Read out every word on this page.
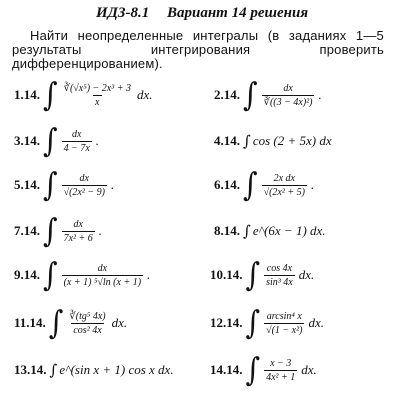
ИДЗ-8.1 Вариант 14 решения
Найти неопределенные интегралы (в заданиях 1—5 результаты интегрирования проверить дифференцированием).
1.14. ∫ $\frac{\text{∛(√x⁵) − 2x³ + 3}}{x}$ dx.	2.14. ∫ $\frac{dx}{\text{∛((3 − 4x)²)}}$ .
3.14. ∫ $\frac{dx}{4 - 7x}$ .	4.14. ∫ cos (2 + 5x) dx
5.14. ∫ $\frac{dx}{\text{√(2x² − 9)}}$ .	6.14. ∫ $\frac{\text{2x dx}}{\text{√(2x² + 5)}}$ .
7.14. ∫ $\frac{dx}{\text{7x² + 6}}$ .	8.14. ∫ e^(6x − 1) dx.
9.14. ∫ $\frac{dx}{\text{(x + 1) ⁵√ln (x + 1)}}$ .	10.14. ∫ $\frac{\cos 4x}{\text{sin³ 4x}}$ dx.
11.14. ∫ $\frac{\text{∛(tg⁵ 4x)}}{\text{cos² 4x}}$ dx.	12.14. ∫ $\frac{\text{arcsin⁴ x}}{\text{√(1 − x²)}}$ dx.
13.14. ∫ e^(sin x + 1) cos x dx.	14.14. ∫ $\frac{x - 3}{\text{4x² + 1}}$ dx.
